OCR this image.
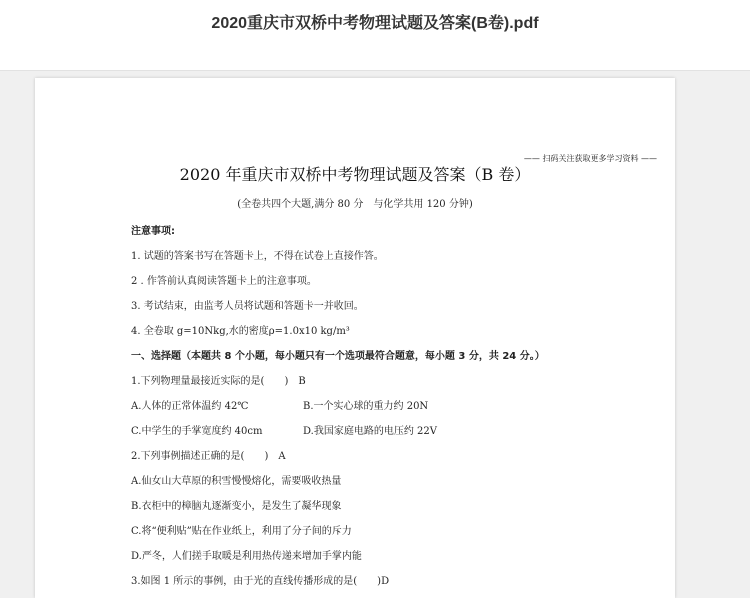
2020重庆市双桥中考物理试题及答案(B卷).pdf
—— 扫码关注获取更多学习资料 ——
2020 年重庆市双桥中考物理试题及答案（B 卷）
(全卷共四个大题,满分 80 分　与化学共用 120 分钟)
注意事项:
1. 试题的答案书写在答题卡上，不得在试卷上直接作答。
2 . 作答前认真阅读答题卡上的注意事项。
3. 考试结束，由监考人员将试题和答题卡一并收回。
4. 全卷取 g=10Nkg,水的密度ρ=1.0x10 kg/m³
一、选择题（本题共 8 个小题，每小题只有一个选项最符合题意，每小题 3 分，共 24 分。）
1.下列物理量最接近实际的是(　　)　B
A.人体的正常体温约 42℃	B.一个实心球的重力约 20N
C.中学生的手掌宽度约 40cm	D.我国家庭电路的电压约 22V
2.下列事例描述正确的是(　　)　A
A.仙女山大草原的积雪慢慢熔化，需要吸收热量
B.衣柜中的樟脑丸逐渐变小，是发生了凝华现象
C.将“便利贴”贴在作业纸上，利用了分子间的斥力
D.严冬，人们搓手取暖是利用热传递来增加手掌内能
3.如图 1 所示的事例，由于光的直线传播形成的是(　　)D
